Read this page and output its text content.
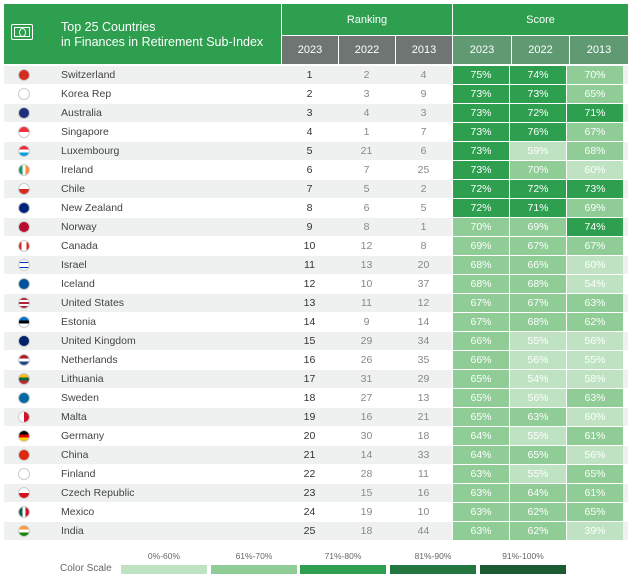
Top 25 Countries
in Finances in Retirement Sub-Index
Ranking	Score
2023	2022	2013	2023	2022	2013
Switzerland	1	2	4	75%	74%	70%
Korea Rep	2	3	9	73%	73%	65%
Australia	3	4	3	73%	72%	71%
Singapore	4	1	7	73%	76%	67%
Luxembourg	5	21	6	73%	59%	68%
Ireland	6	7	25	73%	70%	60%
Chile	7	5	2	72%	72%	73%
New Zealand	8	6	5	72%	71%	69%
Norway	9	8	1	70%	69%	74%
Canada	10	12	8	69%	67%	67%
Israel	11	13	20	68%	66%	60%
Iceland	12	10	37	68%	68%	54%
United States	13	11	12	67%	67%	63%
Estonia	14	9	14	67%	68%	62%
United Kingdom	15	29	34	66%	55%	56%
Netherlands	16	26	35	66%	56%	55%
Lithuania	17	31	29	65%	54%	58%
Sweden	18	27	13	65%	56%	63%
Malta	19	16	21	65%	63%	60%
Germany	20	30	18	64%	55%	61%
China	21	14	33	64%	65%	56%
Finland	22	28	11	63%	55%	65%
Czech Republic	23	15	16	63%	64%	61%
Mexico	24	19	10	63%	62%	65%
India	25	18	44	63%	62%	39%
Color Scale
0%-60%	61%-70%	71%-80%	81%-90%	91%-100%
